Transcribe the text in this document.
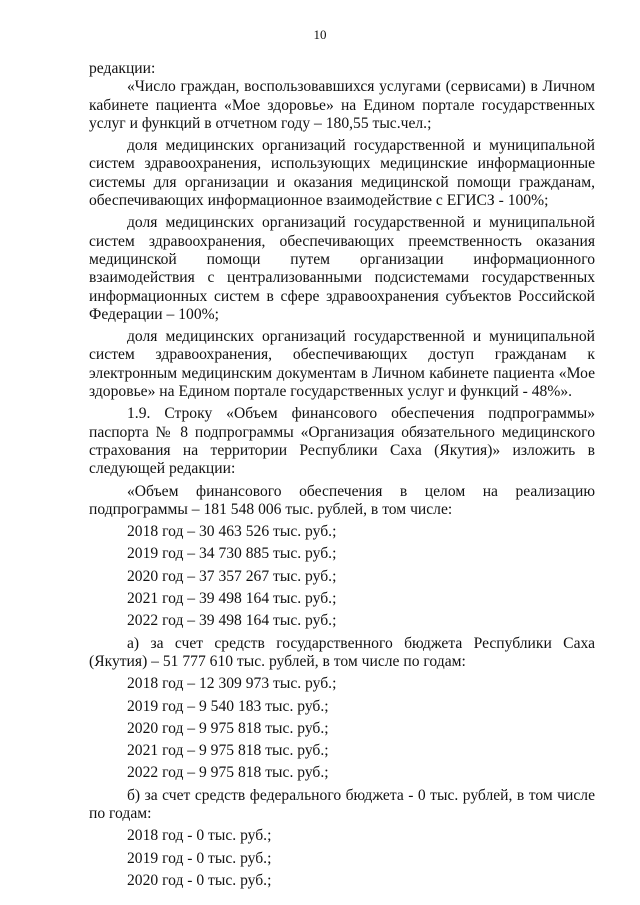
10

редакции:

«Число граждан, воспользовавшихся услугами (сервисами) в Личном кабинете пациента «Мое здоровье» на Едином портале государственных услуг и функций в отчетном году – 180,55 тыс.чел.;

доля медицинских организаций государственной и муниципальной систем здравоохранения, использующих медицинские информационные системы для организации и оказания медицинской помощи гражданам, обеспечивающих информационное взаимодействие с ЕГИСЗ - 100%;

доля медицинских организаций государственной и муниципальной систем здравоохранения, обеспечивающих преемственность оказания медицинской помощи путем организации информационного взаимодействия с централизованными подсистемами государственных информационных систем в сфере здравоохранения субъектов Российской Федерации – 100%;

доля медицинских организаций государственной и муниципальной систем здравоохранения, обеспечивающих доступ гражданам к электронным медицинским документам в Личном кабинете пациента «Мое здоровье» на Едином портале государственных услуг и функций - 48%».

1.9. Строку «Объем финансового обеспечения подпрограммы» паспорта № 8 подпрограммы «Организация обязательного медицинского страхования на территории Республики Саха (Якутия)» изложить в следующей редакции:

«Объем финансового обеспечения в целом на реализацию подпрограммы – 181 548 006 тыс. рублей, в том числе:

2018 год – 30 463 526 тыс. руб.;

2019 год – 34 730 885 тыс. руб.;

2020 год – 37 357 267 тыс. руб.;

2021 год – 39 498 164 тыс. руб.;

2022 год – 39 498 164 тыс. руб.;

а) за счет средств государственного бюджета Республики Саха (Якутия) – 51 777 610 тыс. рублей, в том числе по годам:

2018 год – 12 309 973 тыс. руб.;

2019 год – 9 540 183 тыс. руб.;

2020 год – 9 975 818 тыс. руб.;

2021 год – 9 975 818 тыс. руб.;

2022 год – 9 975 818 тыс. руб.;

б) за счет средств федерального бюджета - 0 тыс. рублей, в том числе по годам:

2018 год - 0 тыс. руб.;

2019 год - 0 тыс. руб.;

2020 год - 0 тыс. руб.;
